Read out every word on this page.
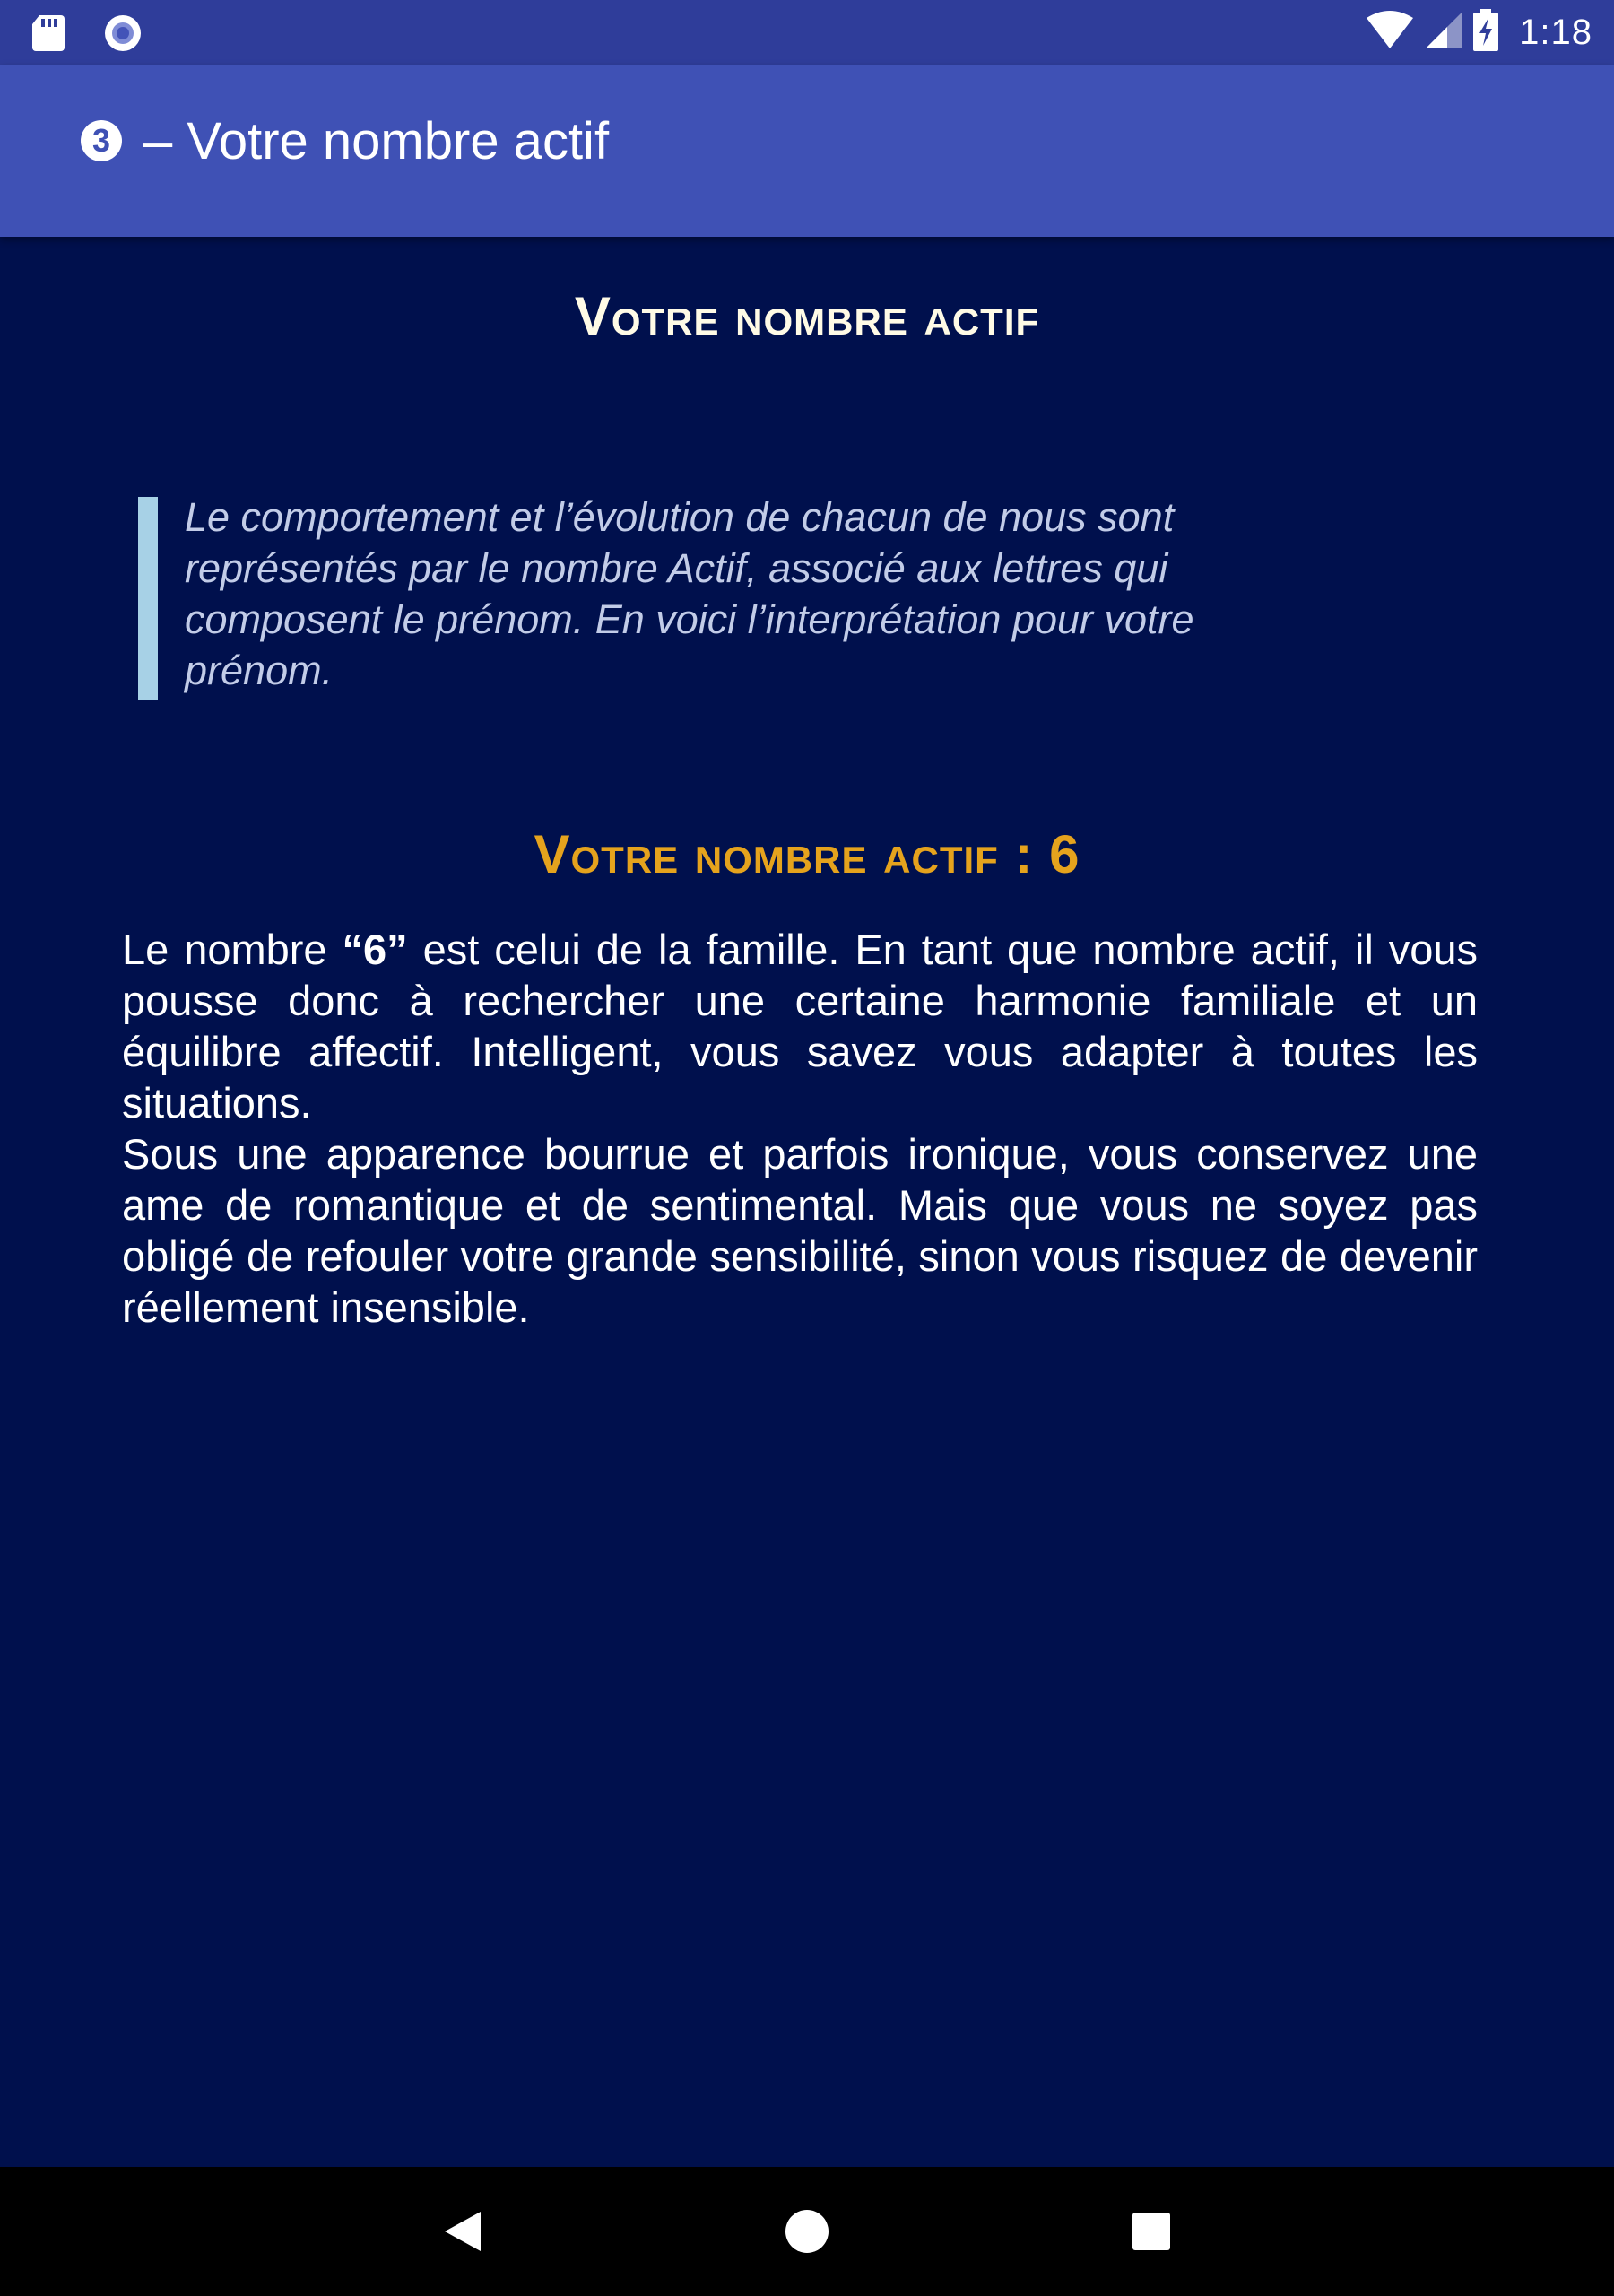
1:18
3 – Votre nombre actif
Votre nombre actif

Le comportement et l’évolution de chacun de nous sont représentés par le nombre Actif, associé aux lettres qui composent le prénom. En voici l’interprétation pour votre prénom.

Votre nombre actif : 6

Le nombre “6” est celui de la famille. En tant que nombre actif, il vous pousse donc à rechercher une certaine harmonie familiale et un équilibre affectif. Intelligent, vous savez vous adapter à toutes les situations.

Sous une apparence bourrue et parfois ironique, vous conservez une ame de romantique et de sentimental. Mais que vous ne soyez pas obligé de refouler votre grande sensibilité, sinon vous risquez de devenir réellement insensible.
